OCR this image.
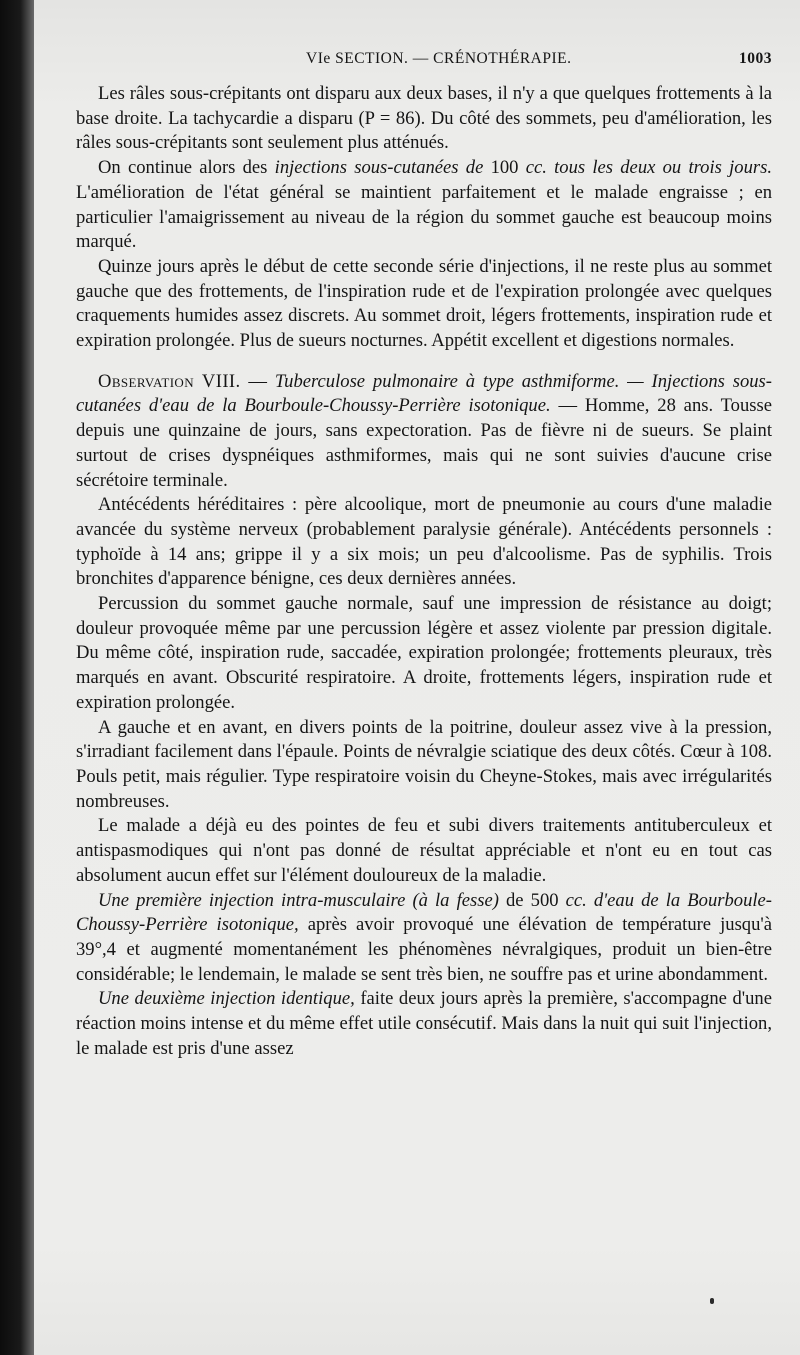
VIe SECTION. — CRÉNOTHÉRAPIE.	1003

Les râles sous-crépitants ont disparu aux deux bases, il n'y a que quelques frottements à la base droite. La tachycardie a disparu (P = 86). Du côté des sommets, peu d'amélioration, les râles sous-crépitants sont seulement plus atténués.

On continue alors des injections sous-cutanées de 100 cc. tous les deux ou trois jours. L'amélioration de l'état général se maintient parfaitement et le malade engraisse ; en particulier l'amaigrissement au niveau de la région du sommet gauche est beaucoup moins marqué.

Quinze jours après le début de cette seconde série d'injections, il ne reste plus au sommet gauche que des frottements, de l'inspiration rude et de l'expiration prolongée avec quelques craquements humides assez discrets. Au sommet droit, légers frottements, inspiration rude et expiration prolongée. Plus de sueurs nocturnes. Appétit excellent et digestions normales.

Observation VIII. — Tuberculose pulmonaire à type asthmiforme. — Injections sous-cutanées d'eau de la Bourboule-Choussy-Perrière isotonique. — Homme, 28 ans. Tousse depuis une quinzaine de jours, sans expectoration. Pas de fièvre ni de sueurs. Se plaint surtout de crises dyspnéiques asthmiformes, mais qui ne sont suivies d'aucune crise sécrétoire terminale.

Antécédents héréditaires : père alcoolique, mort de pneumonie au cours d'une maladie avancée du système nerveux (probablement paralysie générale). Antécédents personnels : typhoïde à 14 ans; grippe il y a six mois; un peu d'alcoolisme. Pas de syphilis. Trois bronchites d'apparence bénigne, ces deux dernières années.

Percussion du sommet gauche normale, sauf une impression de résistance au doigt; douleur provoquée même par une percussion légère et assez violente par pression digitale. Du même côté, inspiration rude, saccadée, expiration prolongée; frottements pleuraux, très marqués en avant. Obscurité respiratoire. A droite, frottements légers, inspiration rude et expiration prolongée.

A gauche et en avant, en divers points de la poitrine, douleur assez vive à la pression, s'irradiant facilement dans l'épaule. Points de névralgie sciatique des deux côtés. Cœur à 108. Pouls petit, mais régulier. Type respiratoire voisin du Cheyne-Stokes, mais avec irrégularités nombreuses.

Le malade a déjà eu des pointes de feu et subi divers traitements antituberculeux et antispasmodiques qui n'ont pas donné de résultat appréciable et n'ont eu en tout cas absolument aucun effet sur l'élément douloureux de la maladie.

Une première injection intra-musculaire (à la fesse) de 500 cc. d'eau de la Bourboule-Choussy-Perrière isotonique, après avoir provoqué une élévation de température jusqu'à 39°,4 et augmenté momentanément les phénomènes névralgiques, produit un bien-être considérable; le lendemain, le malade se sent très bien, ne souffre pas et urine abondamment.

Une deuxième injection identique, faite deux jours après la première, s'accompagne d'une réaction moins intense et du même effet utile consécutif. Mais dans la nuit qui suit l'injection, le malade est pris d'une assez
